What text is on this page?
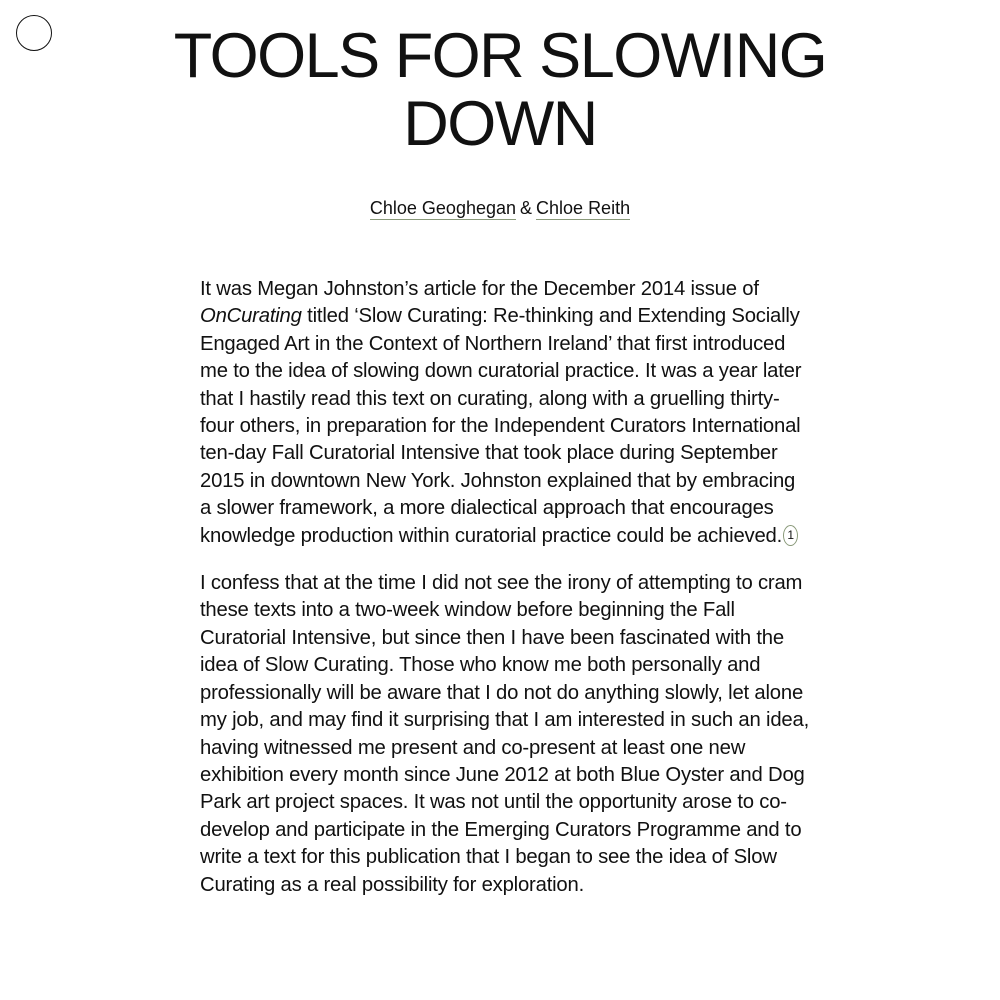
TOOLS FOR SLOWING DOWN
Chloe Geoghegan & Chloe Reith

It was Megan Johnston’s article for the December 2014 issue of OnCurating titled ‘Slow Curating: Re-thinking and Extending Socially Engaged Art in the Context of Northern Ireland’ that first introduced me to the idea of slowing down curatorial practice. It was a year later that I hastily read this text on curating, along with a gruelling thirty-four others, in preparation for the Independent Curators International ten-day Fall Curatorial Intensive that took place during September 2015 in downtown New York. Johnston explained that by embracing a slower framework, a more dialectical approach that encourages knowledge production within curatorial practice could be achieved. 1

I confess that at the time I did not see the irony of attempting to cram these texts into a two-week window before beginning the Fall Curatorial Intensive, but since then I have been fascinated with the idea of Slow Curating. Those who know me both personally and professionally will be aware that I do not do anything slowly, let alone my job, and may find it surprising that I am interested in such an idea, having witnessed me present and co-present at least one new exhibition every month since June 2012 at both Blue Oyster and Dog Park art project spaces. It was not until the opportunity arose to co-develop and participate in the Emerging Curators Programme and to write a text for this publication that I began to see the idea of Slow Curating as a real possibility for exploration.
